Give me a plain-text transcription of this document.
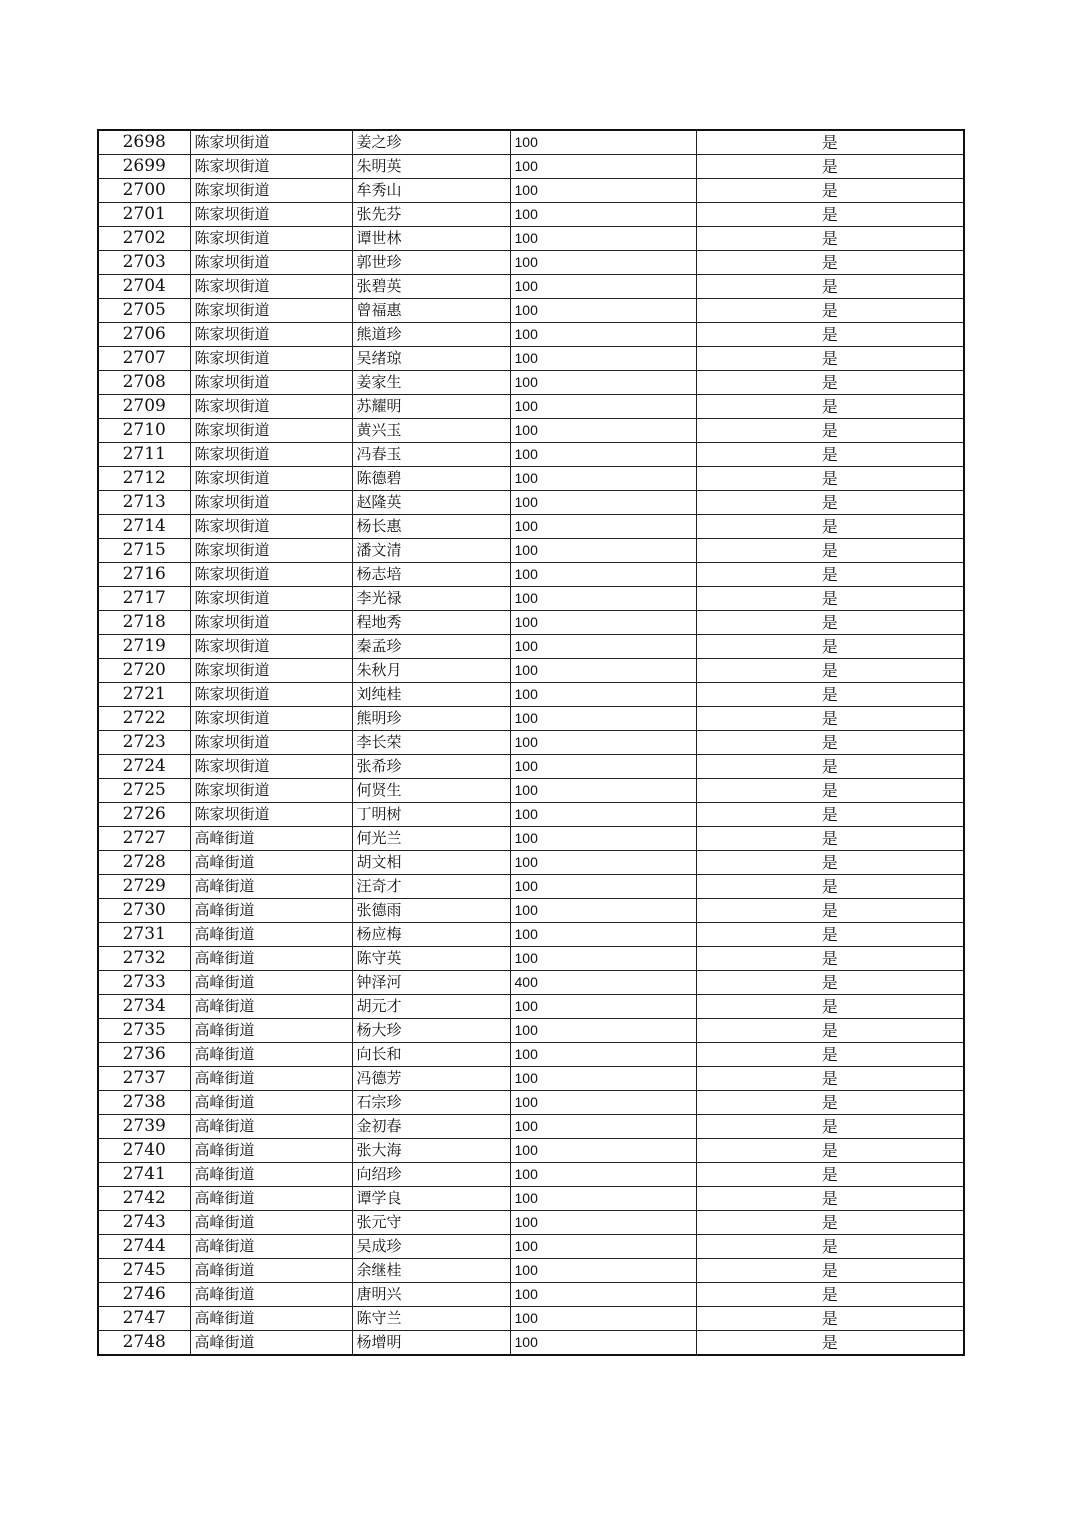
2698	陈家坝街道	姜之珍	100	是
2699	陈家坝街道	朱明英	100	是
2700	陈家坝街道	牟秀山	100	是
2701	陈家坝街道	张先芬	100	是
2702	陈家坝街道	谭世林	100	是
2703	陈家坝街道	郭世珍	100	是
2704	陈家坝街道	张碧英	100	是
2705	陈家坝街道	曾福惠	100	是
2706	陈家坝街道	熊道珍	100	是
2707	陈家坝街道	吴绪琼	100	是
2708	陈家坝街道	姜家生	100	是
2709	陈家坝街道	苏耀明	100	是
2710	陈家坝街道	黄兴玉	100	是
2711	陈家坝街道	冯春玉	100	是
2712	陈家坝街道	陈德碧	100	是
2713	陈家坝街道	赵隆英	100	是
2714	陈家坝街道	杨长惠	100	是
2715	陈家坝街道	潘文清	100	是
2716	陈家坝街道	杨志培	100	是
2717	陈家坝街道	李光禄	100	是
2718	陈家坝街道	程地秀	100	是
2719	陈家坝街道	秦孟珍	100	是
2720	陈家坝街道	朱秋月	100	是
2721	陈家坝街道	刘纯桂	100	是
2722	陈家坝街道	熊明珍	100	是
2723	陈家坝街道	李长荣	100	是
2724	陈家坝街道	张希珍	100	是
2725	陈家坝街道	何贤生	100	是
2726	陈家坝街道	丁明树	100	是
2727	高峰街道	何光兰	100	是
2728	高峰街道	胡文相	100	是
2729	高峰街道	汪奇才	100	是
2730	高峰街道	张德雨	100	是
2731	高峰街道	杨应梅	100	是
2732	高峰街道	陈守英	100	是
2733	高峰街道	钟泽河	400	是
2734	高峰街道	胡元才	100	是
2735	高峰街道	杨大珍	100	是
2736	高峰街道	向长和	100	是
2737	高峰街道	冯德芳	100	是
2738	高峰街道	石宗珍	100	是
2739	高峰街道	金初春	100	是
2740	高峰街道	张大海	100	是
2741	高峰街道	向绍珍	100	是
2742	高峰街道	谭学良	100	是
2743	高峰街道	张元守	100	是
2744	高峰街道	吴成珍	100	是
2745	高峰街道	余继桂	100	是
2746	高峰街道	唐明兴	100	是
2747	高峰街道	陈守兰	100	是
2748	高峰街道	杨增明	100	是
